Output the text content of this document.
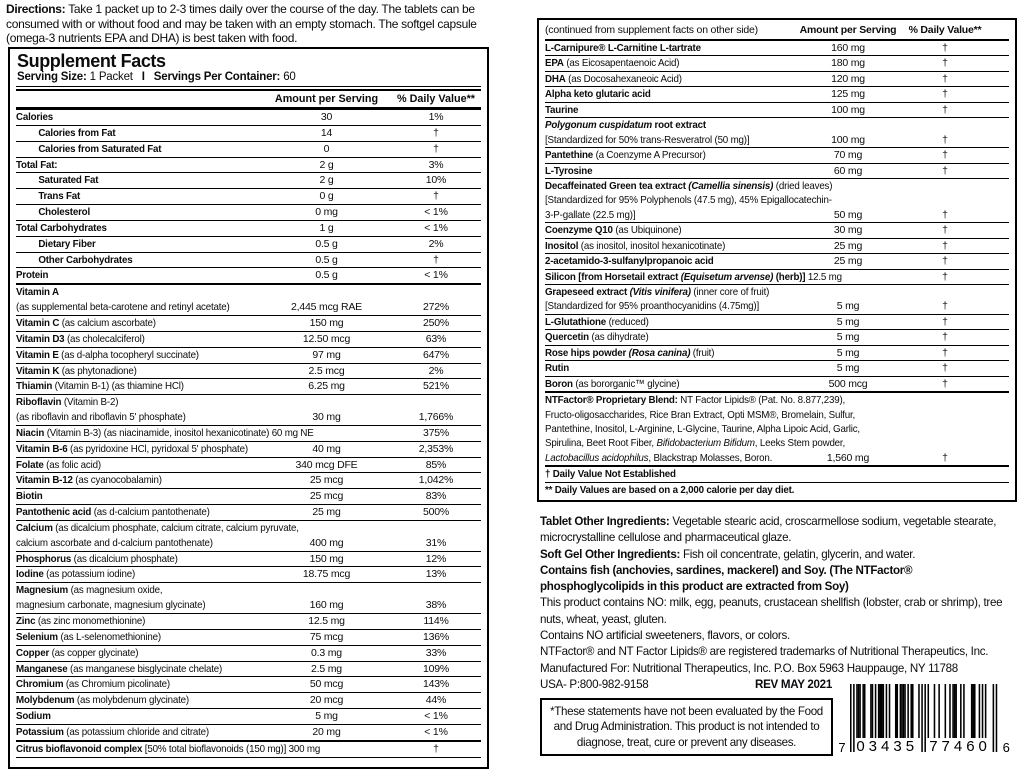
Directions: Take 1 packet up to 2-3 times daily over the course of the day. The tablets can be consumed with or without food and may be taken with an empty stomach. The softgel capsule (omega-3 nutrients EPA and DHA) is best taken with food.
Supplement Facts
Serving Size: 1 Packet I Servings Per Container: 60
Amount per Serving	% Daily Value**
Calories	30	1%
Calories from Fat	14	†
Calories from Saturated Fat	0	†
Total Fat:	2 g	3%
Saturated Fat	2 g	10%
Trans Fat	0 g	†
Cholesterol	0 mg	< 1%
Total Carbohydrates	1 g	< 1%
Dietary Fiber	0.5 g	2%
Other Carbohydrates	0.5 g	†
Protein	0.5 g	< 1%
Vitamin A
(as supplemental beta-carotene and retinyl acetate)	2,445 mcg RAE	272%
Vitamin C (as calcium ascorbate)	150 mg	250%
Vitamin D3 (as cholecalciferol)	12.50 mcg	63%
Vitamin E (as d-alpha tocopheryl succinate)	97 mg	647%
Vitamin K (as phytonadione)	2.5 mcg	2%
Thiamin (Vitamin B-1) (as thiamine HCl)	6.25 mg	521%
Riboflavin (Vitamin B-2)
(as riboflavin and riboflavin 5' phosphate)	30 mg	1,766%
Niacin (Vitamin B-3) (as niacinamide, inositol hexanicotinate) 60 mg NE	375%
Vitamin B-6 (as pyridoxine HCl, pyridoxal 5' phosphate)	40 mg	2,353%
Folate (as folic acid)	340 mcg DFE	85%
Vitamin B-12 (as cyanocobalamin)	25 mcg	1,042%
Biotin	25 mcg	83%
Pantothenic acid (as d-calcium pantothenate)	25 mg	500%
Calcium (as dicalcium phosphate, calcium citrate, calcium pyruvate,
calcium ascorbate and d-calcium pantothenate)	400 mg	31%
Phosphorus (as dicalcium phosphate)	150 mg	12%
Iodine (as potassium iodine)	18.75 mcg	13%
Magnesium (as magnesium oxide,
magnesium carbonate, magnesium glycinate)	160 mg	38%
Zinc (as zinc monomethionine)	12.5 mg	114%
Selenium (as L-selenomethionine)	75 mcg	136%
Copper (as copper glycinate)	0.3 mg	33%
Manganese (as manganese bisglycinate chelate)	2.5 mg	109%
Chromium (as Chromium picolinate)	50 mcg	143%
Molybdenum (as molybdenum glycinate)	20 mcg	44%
Sodium	5 mg	< 1%
Potassium (as potassium chloride and citrate)	20 mg	< 1%
Citrus bioflavonoid complex [50% total bioflavonoids (150 mg)] 300 mg	†
(continued from supplement facts on other side)	Amount per Serving	% Daily Value**
L-Carnipure® L-Carnitine L-tartrate	160 mg	†
EPA (as Eicosapentaenoic Acid)	180 mg	†
DHA (as Docosahexaneoic Acid)	120 mg	†
Alpha keto glutaric acid	125 mg	†
Taurine	100 mg	†
Polygonum cuspidatum root extract
[Standardized for 50% trans-Resveratrol (50 mg)]	100 mg	†
Pantethine (a Coenzyme A Precursor)	70 mg	†
L-Tyrosine	60 mg	†
Decaffeinated Green tea extract (Camellia sinensis) (dried leaves)
[Standardized for 95% Polyphenols (47.5 mg), 45% Epigallocatechin-
3-P-gallate (22.5 mg)]	50 mg	†
Coenzyme Q10 (as Ubiquinone)	30 mg	†
Inositol (as inositol, inositol hexanicotinate)	25 mg	†
2-acetamido-3-sulfanylpropanoic acid	25 mg	†
Silicon [from Horsetail extract (Equisetum arvense) (herb)] 12.5 mg	†
Grapeseed extract (Vitis vinifera) (inner core of fruit)
[Standardized for 95% proanthocyanidins (4.75mg)]	5 mg	†
L-Glutathione (reduced)	5 mg	†
Quercetin (as dihydrate)	5 mg	†
Rose hips powder (Rosa canina) (fruit)	5 mg	†
Rutin	5 mg	†
Boron (as bororganic™ glycine)	500 mcg	†
NTFactor® Proprietary Blend: NT Factor Lipids® (Pat. No. 8.877,239),
Fructo-oligosaccharides, Rice Bran Extract, Opti MSM®, Bromelain, Sulfur,
Pantethine, Inositol, L-Arginine, L-Glycine, Taurine, Alpha Lipoic Acid, Garlic,
Spirulina, Beet Root Fiber, Bifidobacterium Bifidum, Leeks Stem powder,
Lactobacillus acidophilus, Blackstrap Molasses, Boron.	1,560 mg	†
† Daily Value Not Established
** Daily Values are based on a 2,000 calorie per day diet.
Tablet Other Ingredients: Vegetable stearic acid, croscarmellose sodium, vegetable stearate, microcrystalline cellulose and pharmaceutical glaze.
Soft Gel Other Ingredients: Fish oil concentrate, gelatin, glycerin, and water.
Contains fish (anchovies, sardines, mackerel) and Soy. (The NTFactor® phosphoglycolipids in this product are extracted from Soy)
This product contains NO: milk, egg, peanuts, crustacean shellfish (lobster, crab or shrimp), tree nuts, wheat, yeast, gluten.
Contains NO artificial sweeteners, flavors, or colors.
NTFactor® and NT Factor Lipids® are registered trademarks of Nutritional Therapeutics, Inc.
Manufactured For: Nutritional Therapeutics, Inc. P.O. Box 5963 Hauppauge, NY 11788
USA- P:800-982-9158	REV MAY 2021
*These statements have not been evaluated by the Food and Drug Administration. This product is not intended to diagnose, treat, cure or prevent any diseases.	7 03435 77460 6
